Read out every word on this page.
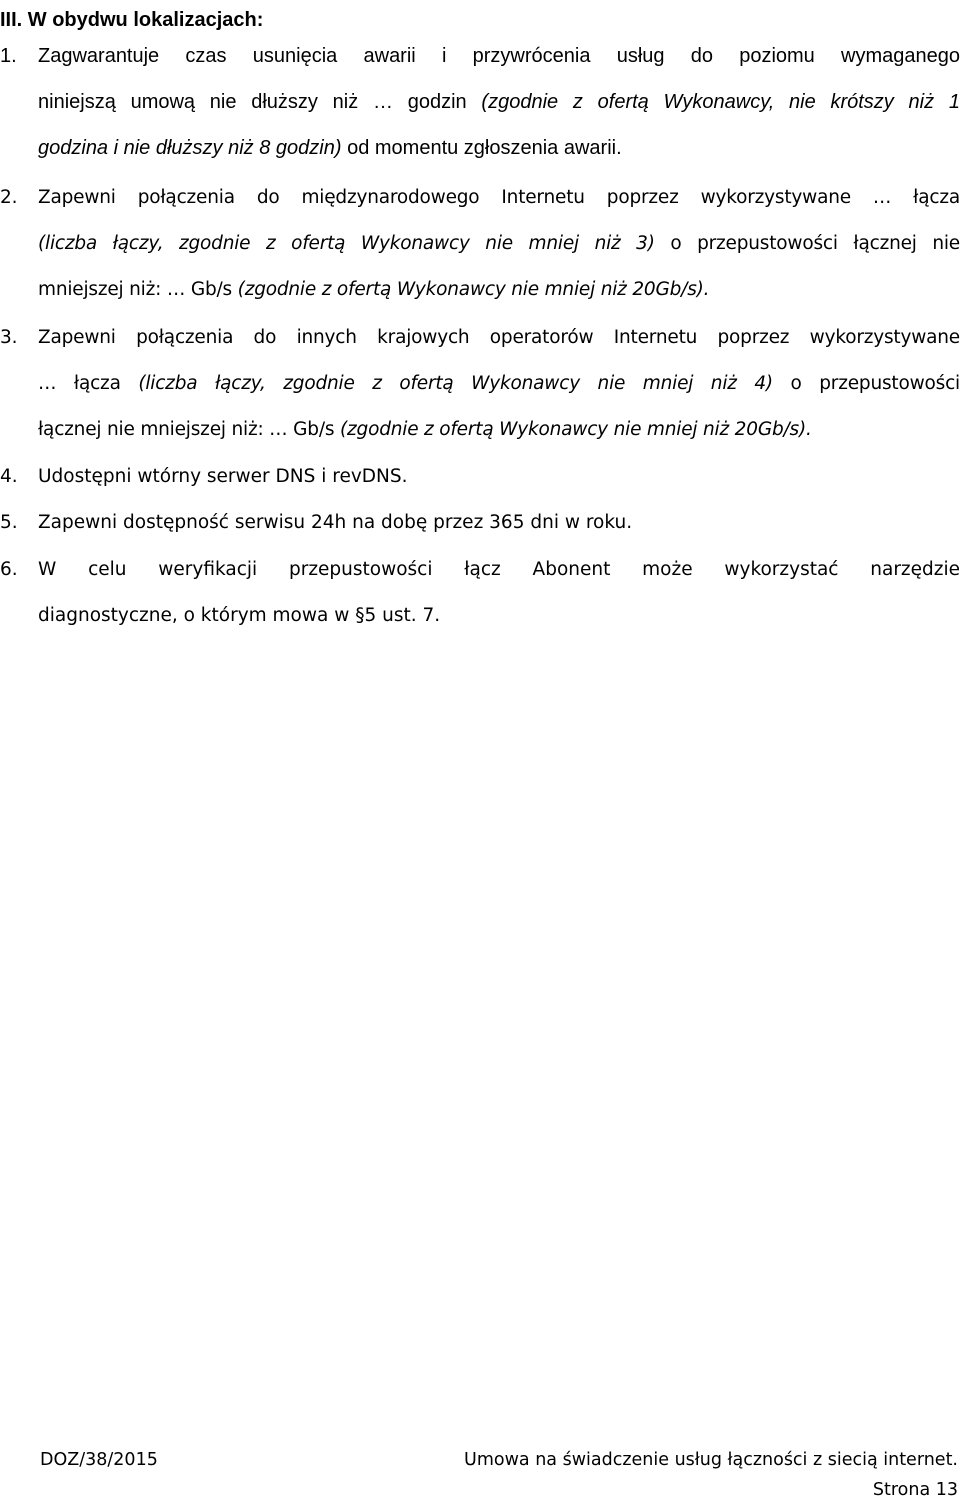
III. W obydwu lokalizacjach:
1.	Zagwarantuje czas usunięcia awarii i przywrócenia usług do poziomu wymaganego
niniejszą umową nie dłuższy niż … godzin (zgodnie z ofertą Wykonawcy, nie krótszy niż 1
godzina i nie dłuższy niż 8 godzin) od momentu zgłoszenia awarii.
2.	Zapewni połączenia do międzynarodowego Internetu poprzez wykorzystywane … łącza
(liczba łączy, zgodnie z ofertą Wykonawcy nie mniej niż 3) o przepustowości łącznej nie
mniejszej niż: … Gb/s (zgodnie z ofertą Wykonawcy nie mniej niż 20Gb/s).
3.	Zapewni połączenia do innych krajowych operatorów Internetu poprzez wykorzystywane
… łącza (liczba łączy, zgodnie z ofertą Wykonawcy nie mniej niż 4) o przepustowości
łącznej nie mniejszej niż: … Gb/s (zgodnie z ofertą Wykonawcy nie mniej niż 20Gb/s).
4.	Udostępni wtórny serwer DNS i revDNS.
5.	Zapewni dostępność serwisu 24h na dobę przez 365 dni w roku.
6.	W celu weryfikacji przepustowości łącz Abonent może wykorzystać narzędzie
diagnostyczne, o którym mowa w §5 ust. 7.
DOZ/38/2015	Umowa na świadczenie usług łączności z siecią internet.
Strona 13
